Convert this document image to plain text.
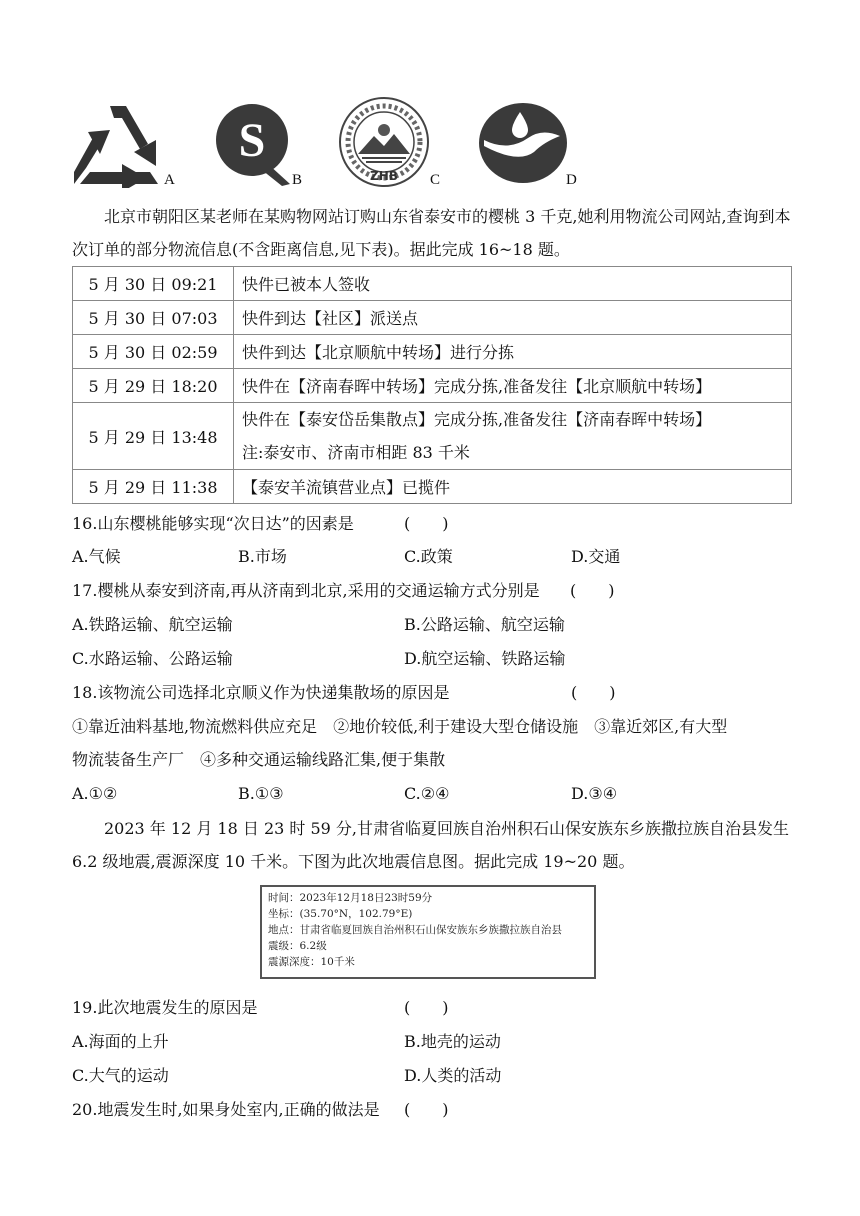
A
S
B	ZHB C	D
北京市朝阳区某老师在某购物网站订购山东省泰安市的樱桃 3 千克,她利用物流公司网站,查询到本次订单的部分物流信息(不含距离信息,见下表)。据此完成 16~18 题。
5 月 30 日 09:21	快件已被本人签收
5 月 30 日 07:03	快件到达【社区】派送点
5 月 30 日 02:59	快件到达【北京顺航中转场】进行分拣
5 月 29 日 18:20	快件在【济南春晖中转场】完成分拣,准备发往【北京顺航中转场】
5 月 29 日 13:48	快件在【泰安岱岳集散点】完成分拣,准备发往【济南春晖中转场】
注:泰安市、济南市相距 83 千米

5 月 29 日 11:38	【泰安羊流镇营业点】已揽件
16.山东樱桃能够实现“次日达”的因素是	(　　)
A.气候	B.市场	C.政策	D.交通
17.樱桃从泰安到济南,再从济南到北京,采用的交通运输方式分别是 (　　)
A.铁路运输、航空运输	B.公路运输、航空运输
C.水路运输、公路运输	D.航空运输、铁路运输
18.该物流公司选择北京顺义作为快递集散场的原因是	(　　)
①靠近油料基地,物流燃料供应充足　②地价较低,利于建设大型仓储设施　③靠近郊区,有大型
物流装备生产厂　④多种交通运输线路汇集,便于集散
A.①②	B.①③	C.②④	D.③④
2023 年 12 月 18 日 23 时 59 分,甘肃省临夏回族自治州积石山保安族东乡族撒拉族自治县发生 6.2 级地震,震源深度 10 千米。下图为此次地震信息图。据此完成 19~20 题。
时间：2023年12月18日23时59分
坐标：(35.70°N，102.79°E)
地点：甘肃省临夏回族自治州积石山保安族东乡族撒拉族自治县
震级：6.2级
震源深度：10千米
19.此次地震发生的原因是	(　　)
A.海面的上升	B.地壳的运动
C.大气的运动	D.人类的活动
20.地震发生时,如果身处室内,正确的做法是 (　　)
